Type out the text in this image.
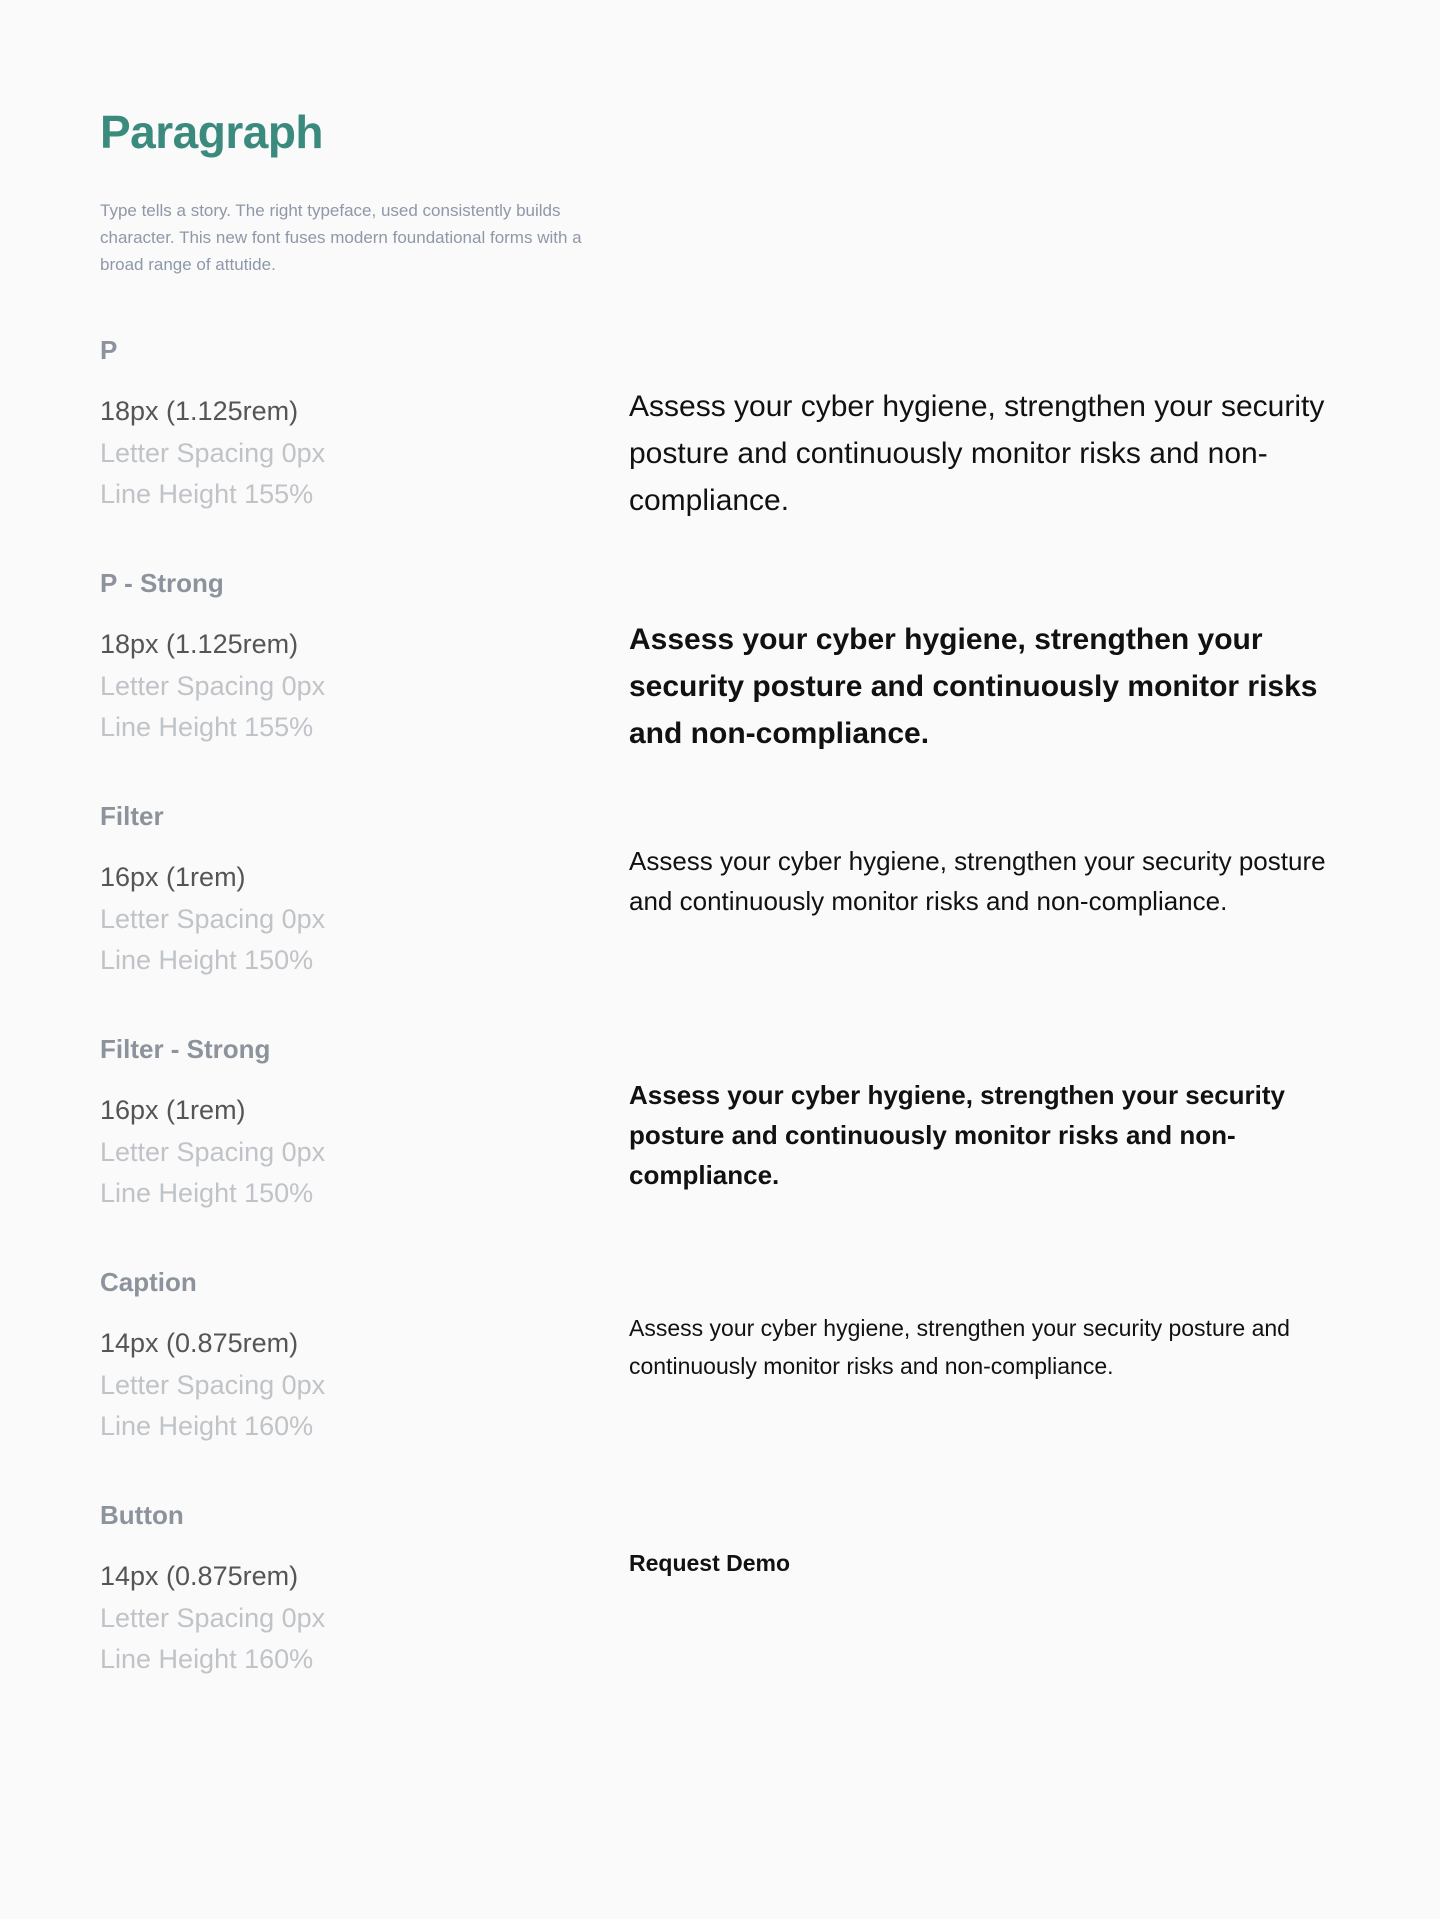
Paragraph

Type tells a story. The right typeface, used consistently builds character. This new font fuses modern foundational forms with a broad range of attutide.

P
18px (1.125rem)
Letter Spacing 0px
Line Height 155%

Assess your cyber hygiene, strengthen your security posture and continuously monitor risks and non-compliance.

P - Strong
18px (1.125rem)
Letter Spacing 0px
Line Height 155%

Assess your cyber hygiene, strengthen your security posture and continuously monitor risks and non-compliance.

Filter
16px (1rem)
Letter Spacing 0px
Line Height 150%

Assess your cyber hygiene, strengthen your security posture and continuously monitor risks and non-compliance.

Filter - Strong
16px (1rem)
Letter Spacing 0px
Line Height 150%

Assess your cyber hygiene, strengthen your security posture and continuously monitor risks and non-compliance.

Caption
14px (0.875rem)
Letter Spacing 0px
Line Height 160%

Assess your cyber hygiene, strengthen your security posture and continuously monitor risks and non-compliance.

Button
14px (0.875rem)
Letter Spacing 0px
Line Height 160%

Request Demo
